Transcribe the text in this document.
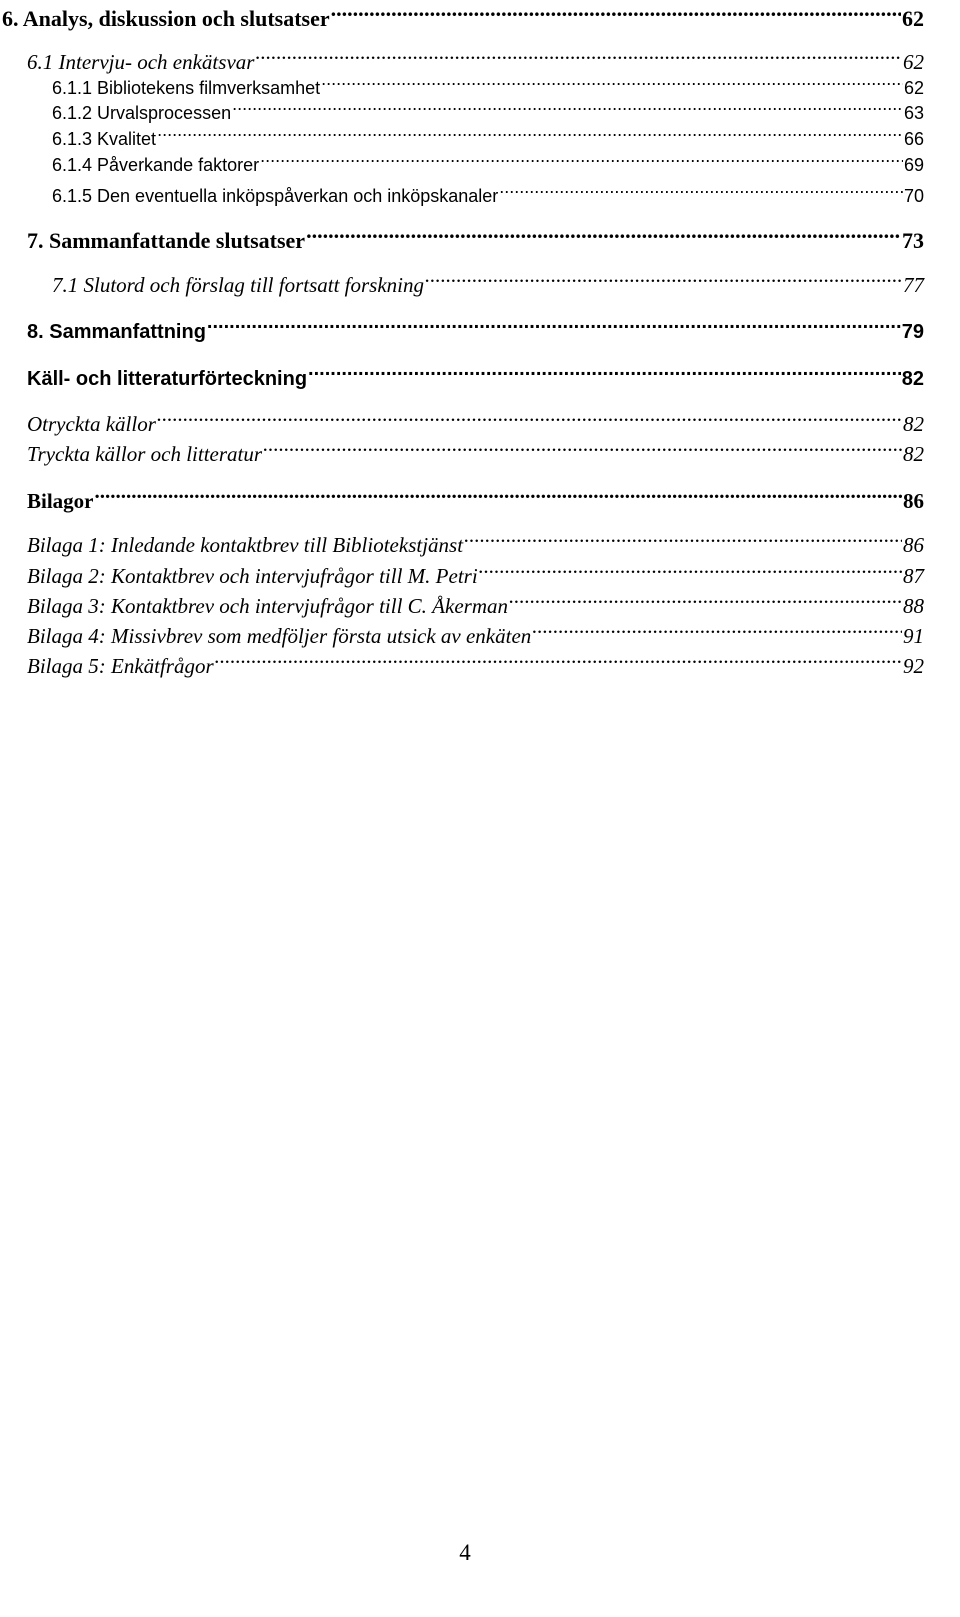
6. Analys, diskussion och slutsatser .....	62
6.1 Intervju- och enkätsvar .....	62
6.1.1 Bibliotekens filmverksamhet .....	62
6.1.2 Urvalsprocessen .....	63
6.1.3 Kvalitet .....	66
6.1.4 Påverkande faktorer .....	69
6.1.5 Den eventuella inköpspåverkan och inköpskanaler .....	70
7. Sammanfattande slutsatser .....	73
7.1 Slutord och förslag till fortsatt forskning .....	77
8. Sammanfattning .....	79
Käll- och litteraturförteckning .....	82
Otryckta källor .....	82
Tryckta källor och litteratur .....	82
Bilagor .....	86
Bilaga 1: Inledande kontaktbrev till Bibliotekstjänst .....	86
Bilaga 2: Kontaktbrev och intervjufrågor till M. Petri .....	87
Bilaga 3: Kontaktbrev och intervjufrågor till C. Åkerman .....	88
Bilaga 4: Missivbrev som medföljer första utsick av enkäten .....	91
Bilaga 5: Enkätfrågor .....	92
4
